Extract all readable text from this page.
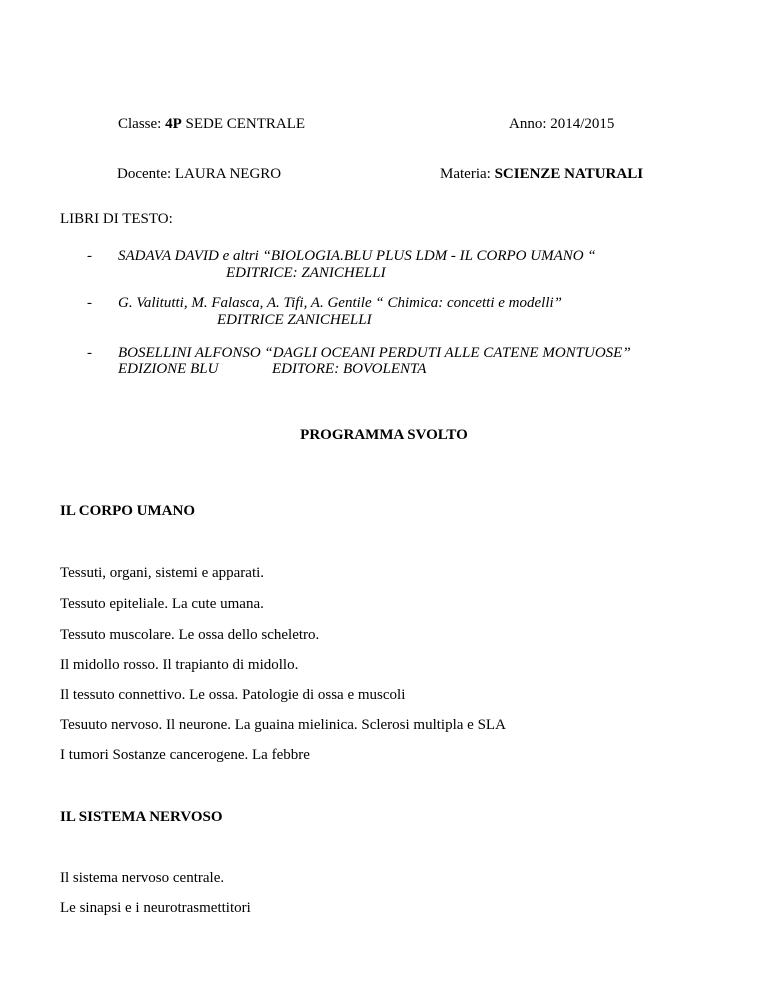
Classe: 4P SEDE CENTRALE	Anno: 2014/2015
Docente: LAURA NEGRO	Materia: SCIENZE NATURALI
LIBRI DI TESTO:
- SADAVA DAVID e altri “BIOLOGIA.BLU PLUS LDM - IL CORPO UMANO “
EDITRICE: ZANICHELLI
- G. Valitutti, M. Falasca, A. Tifi, A. Gentile “ Chimica: concetti e modelli”
EDITRICE ZANICHELLI
- BOSELLINI ALFONSO “DAGLI OCEANI PERDUTI ALLE CATENE MONTUOSE”
EDIZIONE BLU	EDITORE: BOVOLENTA
PROGRAMMA SVOLTO
IL CORPO UMANO
Tessuti, organi, sistemi e apparati.
Tessuto epiteliale. La cute umana.
Tessuto muscolare. Le ossa dello scheletro.
Il midollo rosso. Il trapianto di midollo.
Il tessuto connettivo. Le ossa. Patologie di ossa e muscoli
Tesuuto nervoso. Il neurone. La guaina mielinica. Sclerosi multipla e SLA
I tumori Sostanze cancerogene. La febbre
IL SISTEMA NERVOSO
Il sistema nervoso centrale.
Le sinapsi e i neurotrasmettitori
